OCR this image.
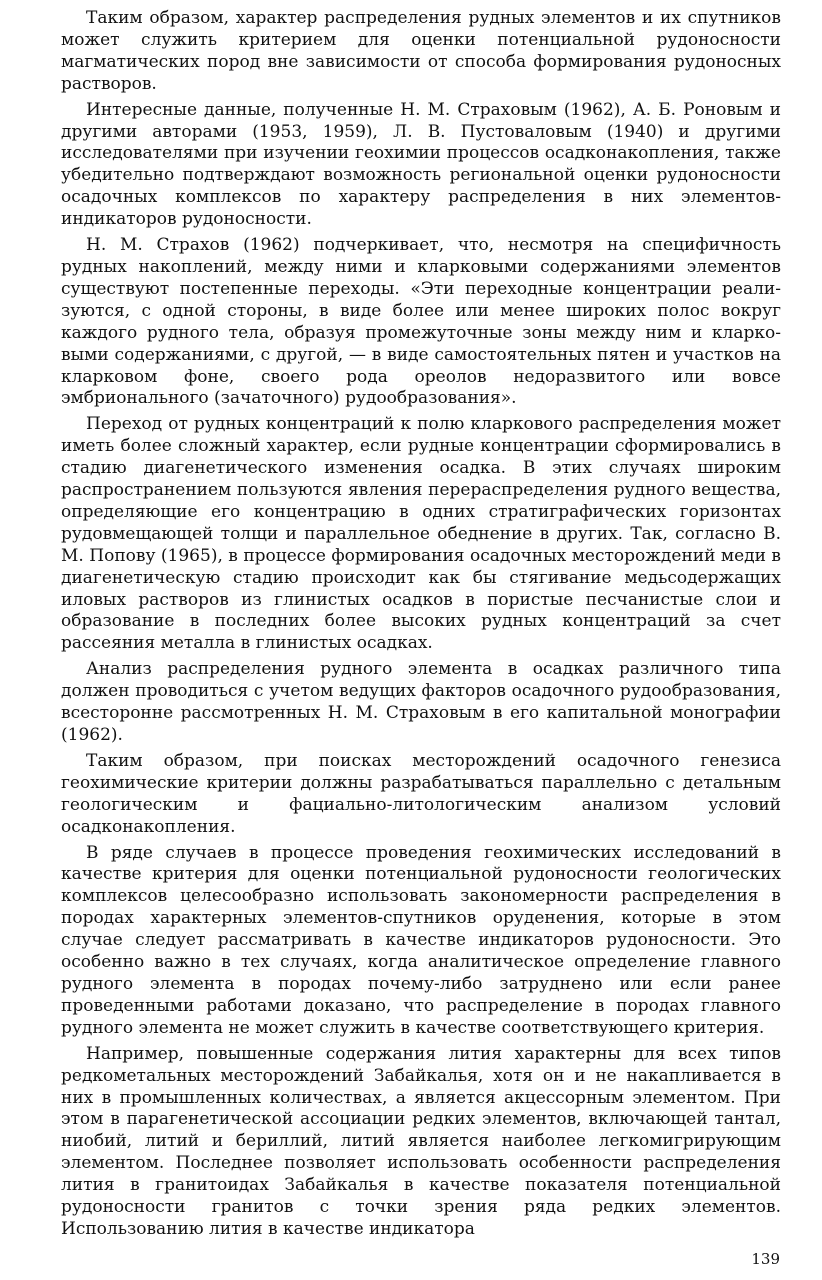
Таким образом, характер распределения рудных элементов и их спутников может служить критерием для оценки потенциальной рудоносности магматических пород вне зависимости от способа формирования рудоносных растворов.

Интересные данные, полученные Н. М. Страховым (1962), А. Б. Роновым и другими авторами (1953, 1959), Л. В. Пустоваловым (1940) и другими исследователями при изучении геохимии процессов осадконакопления, также убедительно подтверждают возможность региональной оценки рудоносности осадочных комплексов по характеру распределения в них элементов-индикаторов рудоносности.

Н. М. Страхов (1962) подчеркивает, что, несмотря на специфичность рудных накоплений, между ними и кларковыми содержаниями элементов существуют постепенные переходы. «Эти переходные концентрации реализуются, с одной стороны, в виде более или менее широких полос вокруг каждого рудного тела, образуя промежуточные зоны между ним и кларковыми содержаниями, с другой, — в виде самостоятельных пятен и участков на кларковом фоне, своего рода ореолов недоразвитого или вовсе эмбрионального (зачаточного) рудообразования».

Переход от рудных концентраций к полю кларкового распределения может иметь более сложный характер, если рудные концентрации сформировались в стадию диагенетического изменения осадка. В этих случаях широким распространением пользуются явления перераспределения рудного вещества, определяющие его концентрацию в одних стратиграфических горизонтах рудовмещающей толщи и параллельное обеднение в других. Так, согласно В. М. Попову (1965), в процессе формирования осадочных месторождений меди в диагенетическую стадию происходит как бы стягивание медьсодержащих иловых растворов из глинистых осадков в пористые песчанистые слои и образование в последних более высоких рудных концентраций за счет рассеяния металла в глинистых осадках.

Анализ распределения рудного элемента в осадках различного типа должен проводиться с учетом ведущих факторов осадочного рудообразования, всесторонне рассмотренных Н. М. Страховым в его капитальной монографии (1962).

Таким образом, при поисках месторождений осадочного генезиса геохимические критерии должны разрабатываться параллельно с детальным геологическим и фациально-литологическим анализом условий осадконакопления.

В ряде случаев в процессе проведения геохимических исследований в качестве критерия для оценки потенциальной рудоносности геологических комплексов целесообразно использовать закономерности распределения в породах характерных элементов-спутников оруденения, которые в этом случае следует рассматривать в качестве индикаторов рудоносности. Это особенно важно в тех случаях, когда аналитическое определение главного рудного элемента в породах почему-либо затруднено или если ранее проведенными работами доказано, что распределение в породах главного рудного элемента не может служить в качестве соответствующего критерия.

Например, повышенные содержания лития характерны для всех типов редкометальных месторождений Забайкалья, хотя он и не накапливается в них в промышленных количествах, а является акцессорным элементом. При этом в парагенетической ассоциации редких элементов, включающей тантал, ниобий, литий и бериллий, литий является наиболее легкомигрирующим элементом. Последнее позволяет использовать особенности распределения лития в гранитоидах Забайкалья в качестве показателя потенциальной рудоносности гранитов с точки зрения ряда редких элементов. Использованию лития в качестве индикатора

139
